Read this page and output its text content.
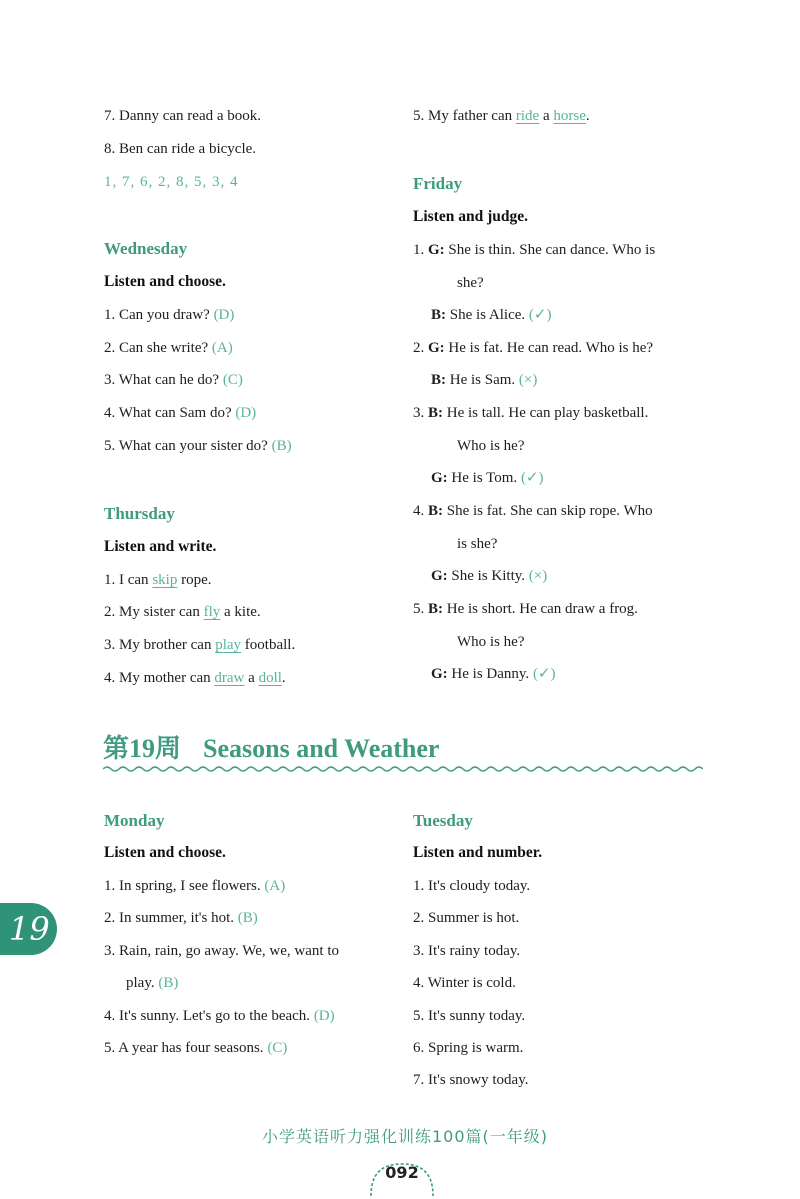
7. Danny can read a book.
8. Ben can ride a bicycle.
1, 7, 6, 2, 8, 5, 3, 4
Wednesday
Listen and choose.
1. Can you draw? (D)
2. Can she write? (A)
3. What can he do? (C)
4. What can Sam do? (D)
5. What can your sister do? (B)
Thursday
Listen and write.
1. I can skip rope.
2. My sister can fly a kite.
3. My brother can play football.
4. My mother can draw a doll.
5. My father can ride a horse.
Friday
Listen and judge.
1. G: She is thin. She can dance. Who is
she?
B: She is Alice. (✓)
2. G: He is fat. He can read. Who is he?
B: He is Sam. (×)
3. B: He is tall. He can play basketball.
Who is he?
G: He is Tom. (✓)
4. B: She is fat. She can skip rope. Who
is she?
G: She is Kitty. (×)
5. B: He is short. He can draw a frog.
Who is he?
G: He is Danny. (✓)
第19周 Seasons and Weather
Monday
Listen and choose.
1. In spring, I see flowers. (A)
2. In summer, it's hot. (B)
3. Rain, rain, go away. We, we, want to
play. (B)
4. It's sunny. Let's go to the beach. (D)
5. A year has four seasons. (C)
Tuesday
Listen and number.
1. It's cloudy today.
2. Summer is hot.
3. It's rainy today.
4. Winter is cold.
5. It's sunny today.
6. Spring is warm.
7. It's snowy today.
19
小学英语听力强化训练100篇(一年级)
092
